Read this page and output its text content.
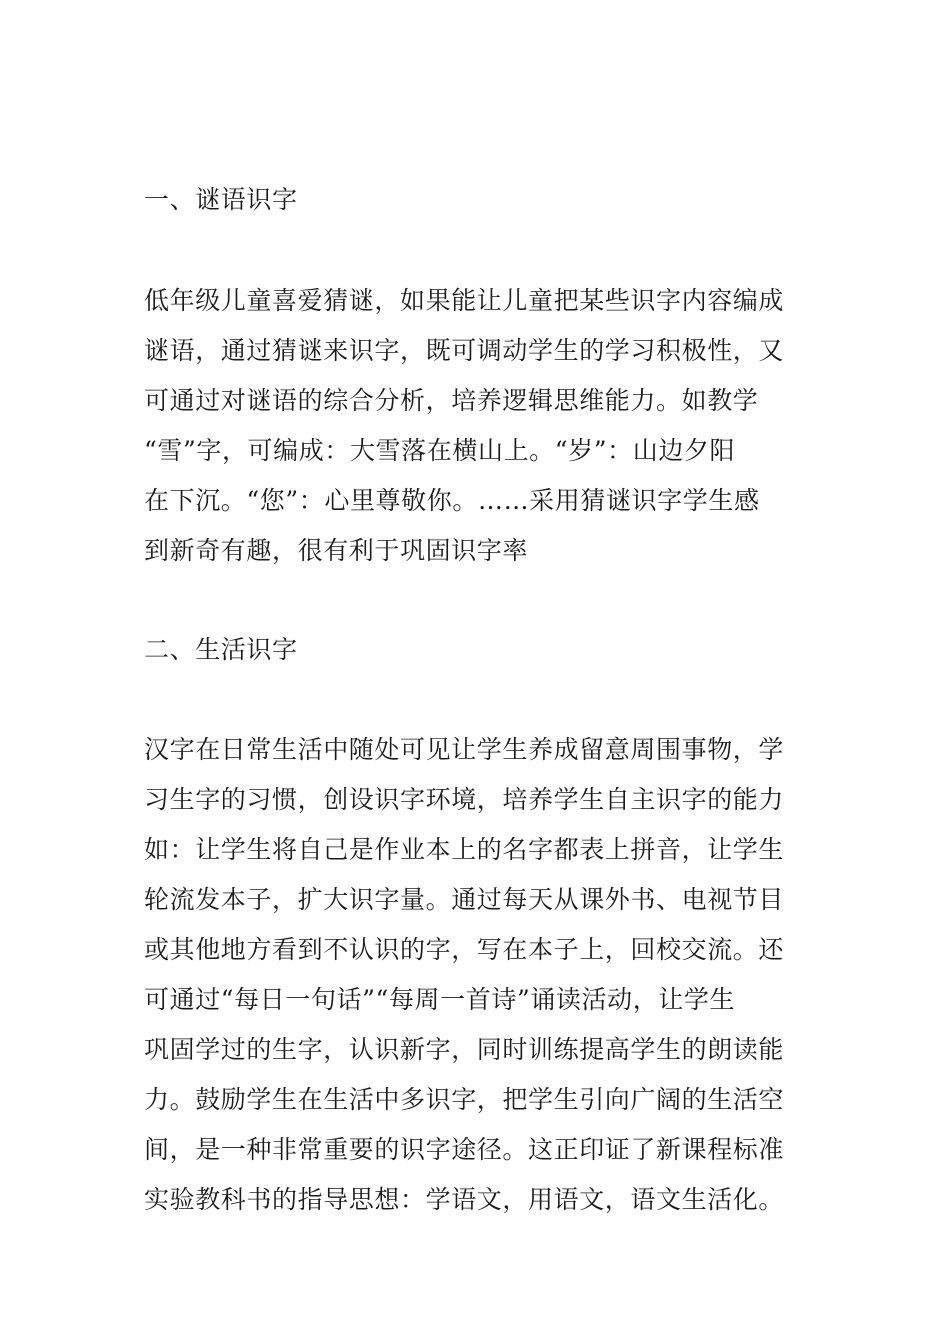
一、谜语识字
低年级儿童喜爱猜谜，如果能让儿童把某些识字内容编成
谜语，通过猜谜来识字，既可调动学生的学习积极性，又
可通过对谜语的综合分析，培养逻辑思维能力。如教学
“雪”字，可编成：大雪落在横山上。“岁”：山边夕阳
在下沉。“您”：心里尊敬你。……采用猜谜识字学生感
到新奇有趣，很有利于巩固识字率
二、生活识字
汉字在日常生活中随处可见让学生养成留意周围事物，学
习生字的习惯，创设识字环境，培养学生自主识字的能力
如：让学生将自己是作业本上的名字都表上拼音，让学生
轮流发本子，扩大识字量。通过每天从课外书、电视节目
或其他地方看到不认识的字，写在本子上，回校交流。还
可通过“每日一句话”“每周一首诗”诵读活动，让学生
巩固学过的生字，认识新字，同时训练提高学生的朗读能
力。鼓励学生在生活中多识字，把学生引向广阔的生活空
间，是一种非常重要的识字途径。这正印证了新课程标准
实验教科书的指导思想：学语文，用语文，语文生活化。
